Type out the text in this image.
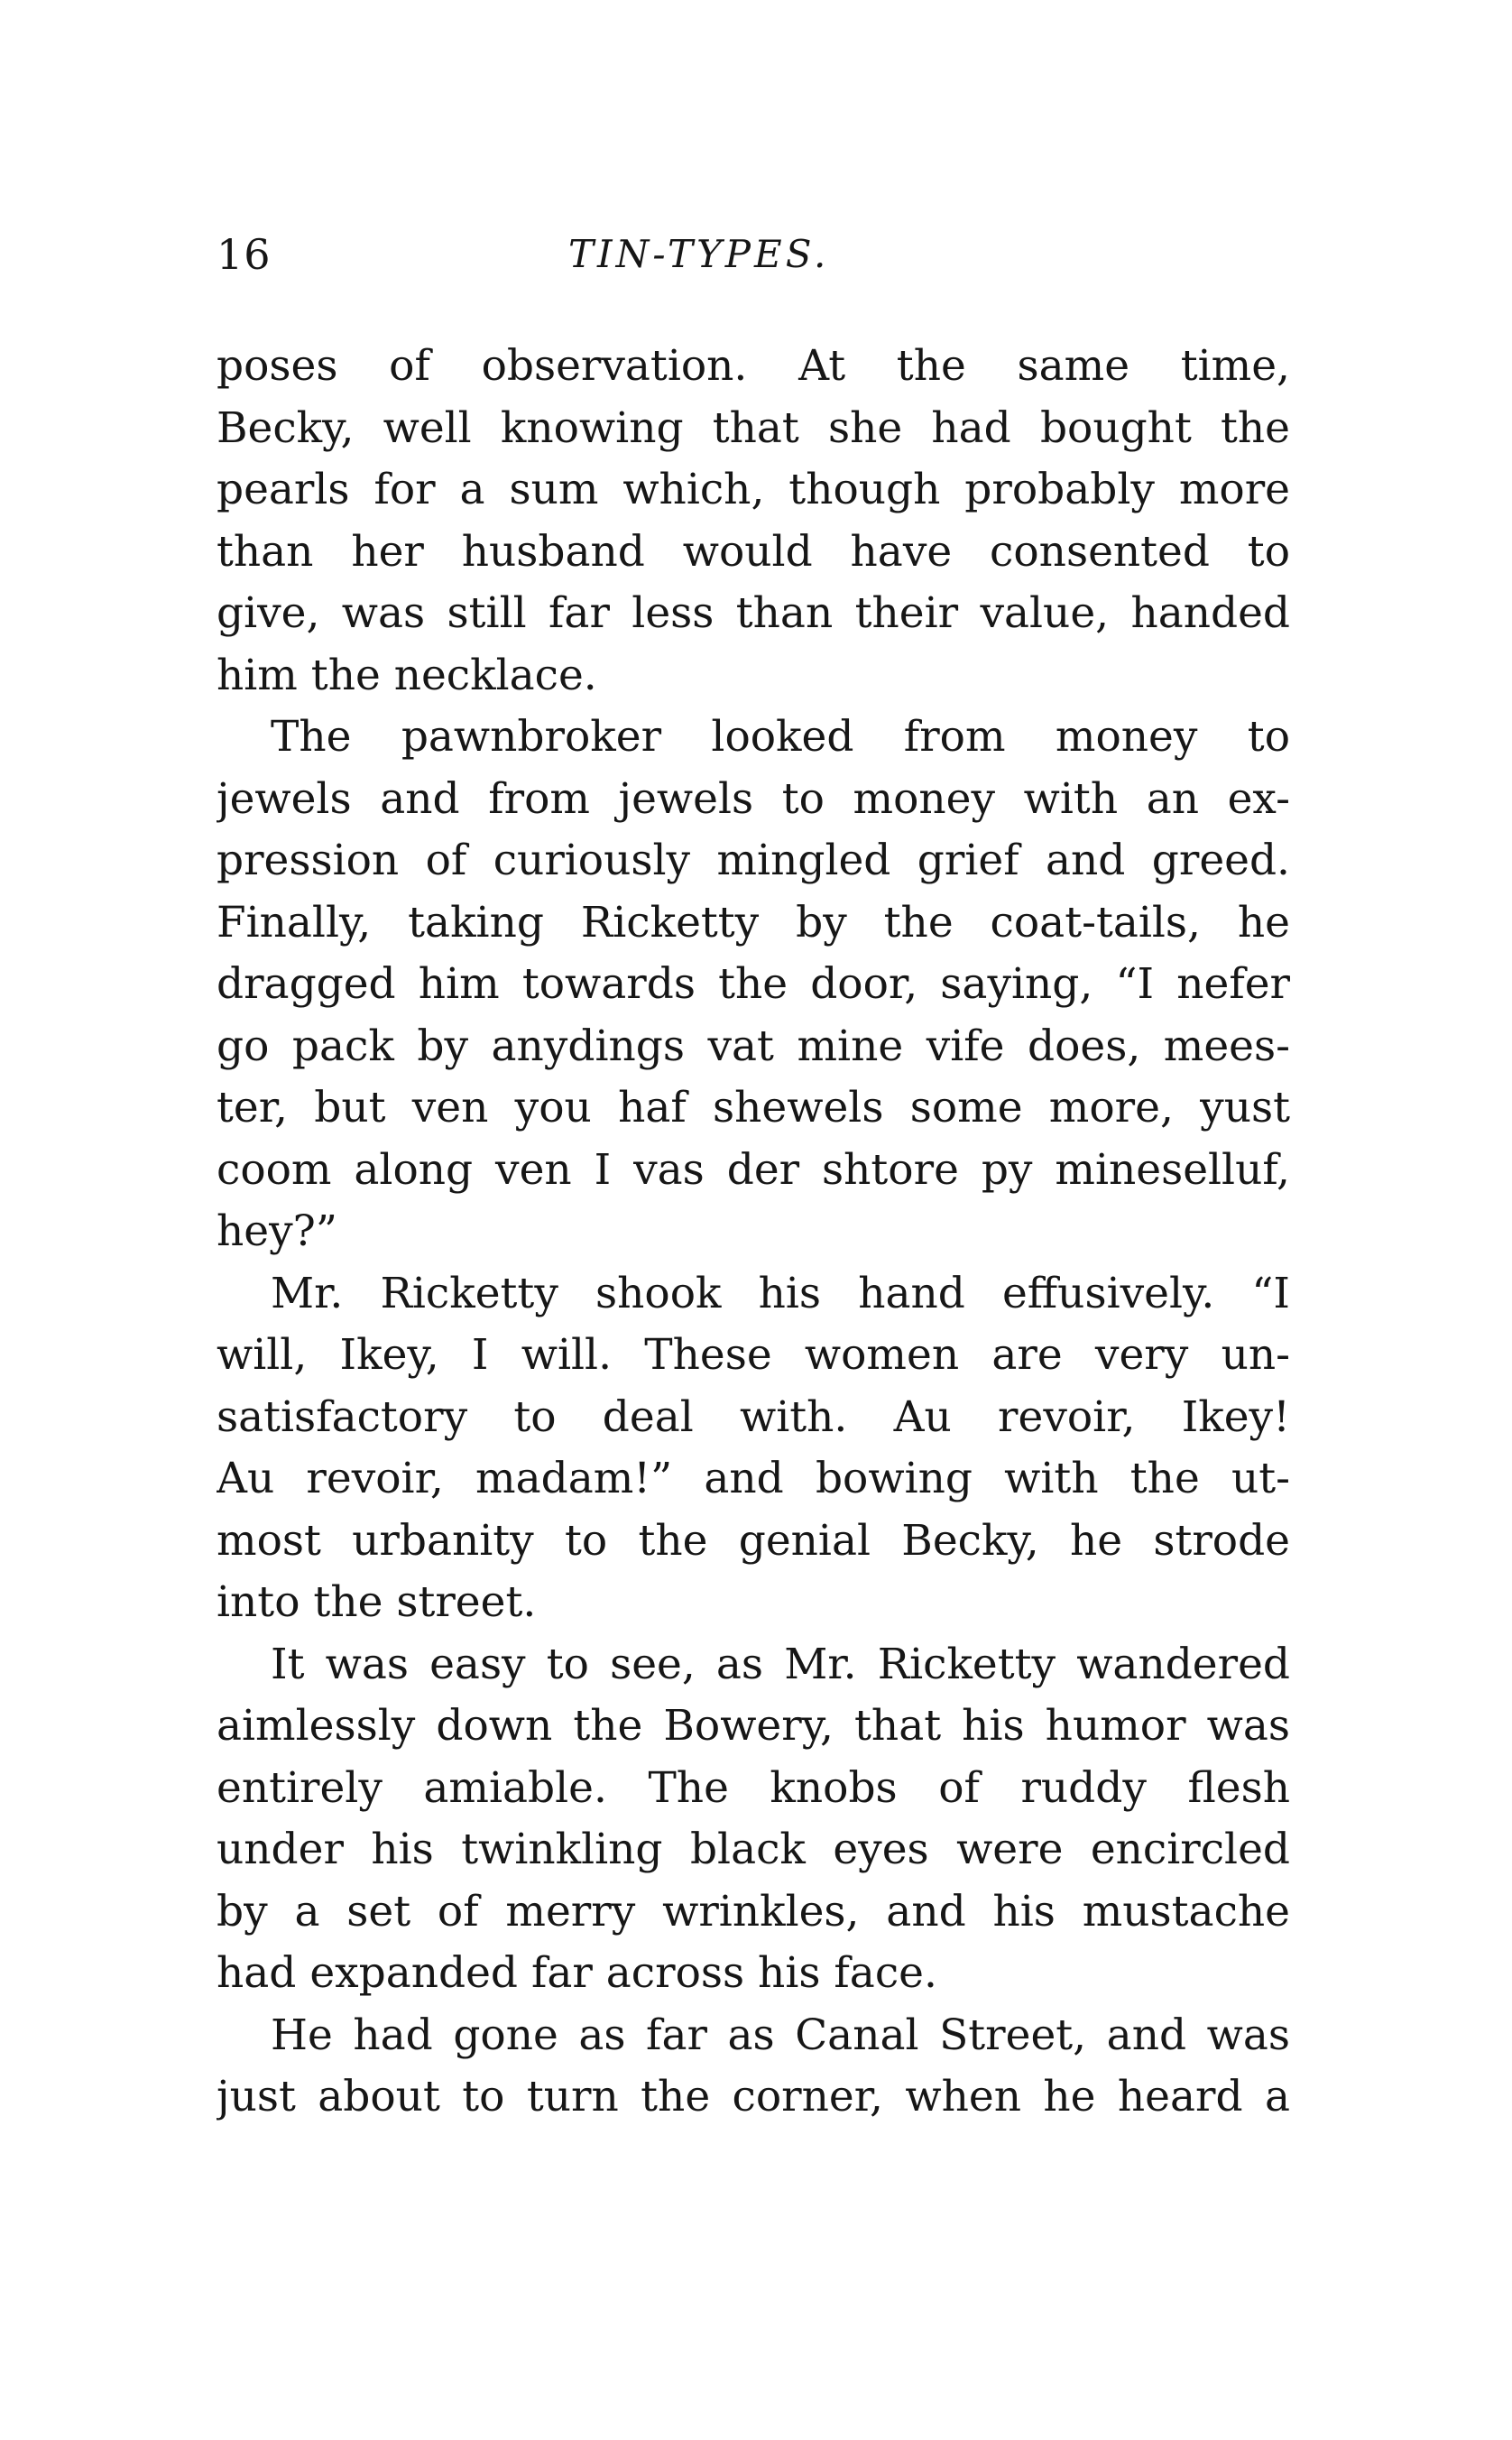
16	TIN-TYPES.
poses of observation. At the same time,
Becky, well knowing that she had bought the
pearls for a sum which, though probably more
than her husband would have consented to
give, was still far less than their value, handed
him the necklace.
The pawnbroker looked from money to
jewels and from jewels to money with an ex-
pression of curiously mingled grief and greed.
Finally, taking Ricketty by the coat-tails, he
dragged him towards the door, saying, “I nefer
go pack by anydings vat mine vife does, mees-
ter, but ven you haf shewels some more, yust
coom along ven I vas der shtore py mineselluf,
hey?”
Mr. Ricketty shook his hand effusively. “I
will, Ikey, I will. These women are very un-
satisfactory to deal with. Au revoir, Ikey!
Au revoir, madam!” and bowing with the ut-
most urbanity to the genial Becky, he strode
into the street.
It was easy to see, as Mr. Ricketty wandered
aimlessly down the Bowery, that his humor was
entirely amiable. The knobs of ruddy flesh
under his twinkling black eyes were encircled
by a set of merry wrinkles, and his mustache
had expanded far across his face.
He had gone as far as Canal Street, and was
just about to turn the corner, when he heard a
